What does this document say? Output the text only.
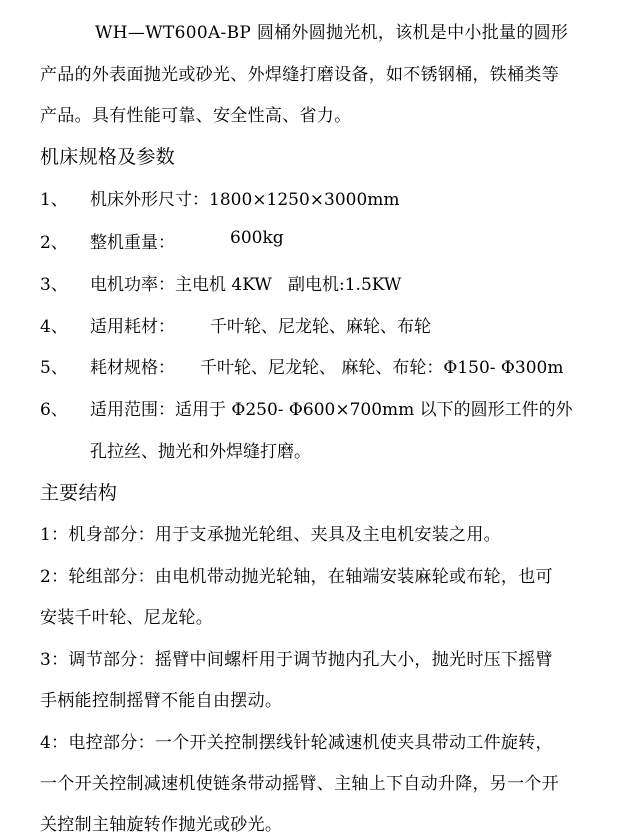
WH—WT600A-BP 圆桶外圆抛光机，该机是中小批量的圆形
产品的外表面抛光或砂光、外焊缝打磨设备，如不锈钢桶，铁桶类等
产品。具有性能可靠、安全性高、省力。
机床规格及参数
1、 机床外形尺寸：1800×1250×3000mm
2、 整机重量：	600kg
3、 电机功率：主电机 4KW   副电机:1.5KW
4、 适用耗材： 千叶轮、尼龙轮、麻轮、布轮
5、 耗材规格： 千叶轮、尼龙轮、 麻轮、布轮：Φ150- Φ300m
6、 适用范围：适用于 Φ250- Φ600×700mm 以下的圆形工件的外
孔拉丝、抛光和外焊缝打磨。
主要结构
1：机身部分：用于支承抛光轮组、夹具及主电机安装之用。
2：轮组部分：由电机带动抛光轮轴，在轴端安装麻轮或布轮，也可
安装千叶轮、尼龙轮。
3：调节部分：摇臂中间螺杆用于调节抛内孔大小，抛光时压下摇臂
手柄能控制摇臂不能自由摆动。
4：电控部分：一个开关控制摆线针轮减速机使夹具带动工件旋转，
一个开关控制减速机使链条带动摇臂、主轴上下自动升降，另一个开
关控制主轴旋转作抛光或砂光。
